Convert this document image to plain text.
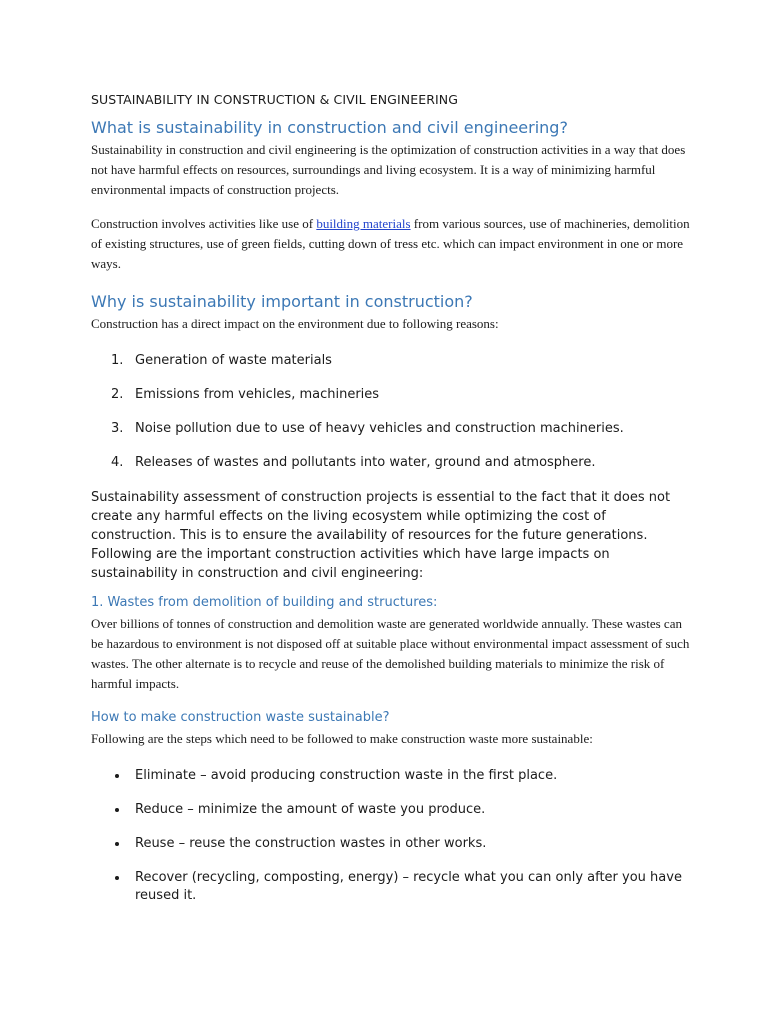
SUSTAINABILITY IN CONSTRUCTION & CIVIL ENGINEERING

What is sustainability in construction and civil engineering?

Sustainability in construction and civil engineering is the optimization of construction activities in a way that does not have harmful effects on resources, surroundings and living ecosystem. It is a way of minimizing harmful environmental impacts of construction projects.

Construction involves activities like use of building materials from various sources, use of machineries, demolition of existing structures, use of green fields, cutting down of tress etc. which can impact environment in one or more ways.

Why is sustainability important in construction?

Construction has a direct impact on the environment due to following reasons:

1. Generation of waste materials
2. Emissions from vehicles, machineries
3. Noise pollution due to use of heavy vehicles and construction machineries.
4. Releases of wastes and pollutants into water, ground and atmosphere.

Sustainability assessment of construction projects is essential to the fact that it does not create any harmful effects on the living ecosystem while optimizing the cost of construction. This is to ensure the availability of resources for the future generations. Following are the important construction activities which have large impacts on sustainability in construction and civil engineering:

1. Wastes from demolition of building and structures:

Over billions of tonnes of construction and demolition waste are generated worldwide annually. These wastes can be hazardous to environment is not disposed off at suitable place without environmental impact assessment of such wastes. The other alternate is to recycle and reuse of the demolished building materials to minimize the risk of harmful impacts.

How to make construction waste sustainable?

Following are the steps which need to be followed to make construction waste more sustainable:

Eliminate – avoid producing construction waste in the first place.
Reduce – minimize the amount of waste you produce.
Reuse – reuse the construction wastes in other works.
Recover (recycling, composting, energy) – recycle what you can only after you have reused it.
